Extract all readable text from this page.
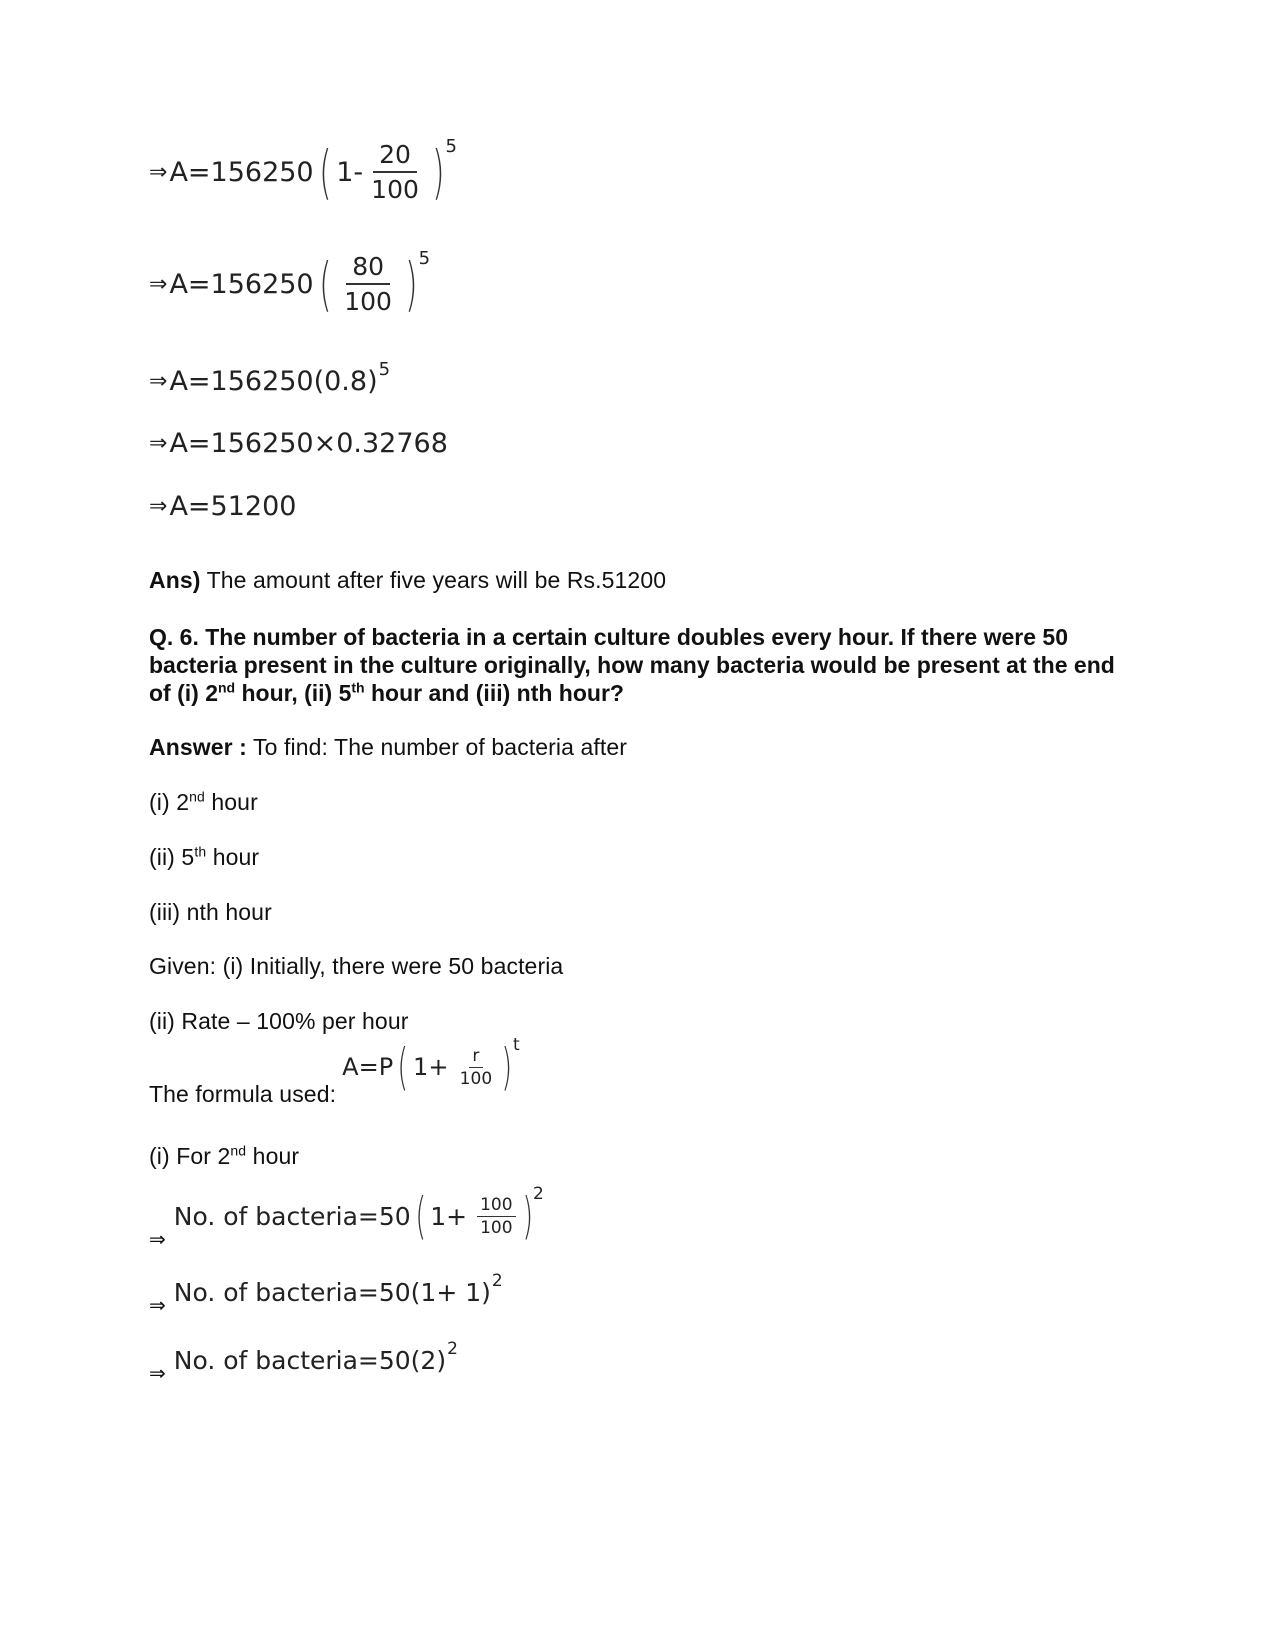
⇒ A=156250 ( $1- \frac{20}{100}$ ) 5
⇒ A=156250 ( $\frac{80}{100}$ ) 5
⇒ A=156250(0.8) 5
⇒ A=156250×0.32768
⇒ A=51200
Ans) The amount after five years will be Rs.51200
Q. 6. The number of bacteria in a certain culture doubles every hour. If there were 50 bacteria present in the culture originally, how many bacteria would be present at the end of (i) 2nd hour, (ii) 5th hour and (iii) nth hour?
Answer : To find: The number of bacteria after
(i) 2nd hour
(ii) 5th hour
(iii) nth hour
Given: (i) Initially, there were 50 bacteria
(ii) Rate – 100% per hour
The formula used:
A=P ( $1+ \frac{r}{100}$ ) t
(i) For 2nd hour
⇒
No. of bacteria=50 ( $1+ \frac{100}{100}$ ) 2
⇒ No. of bacteria=50(1+ 1) 2
⇒ No. of bacteria=50(2) 2
